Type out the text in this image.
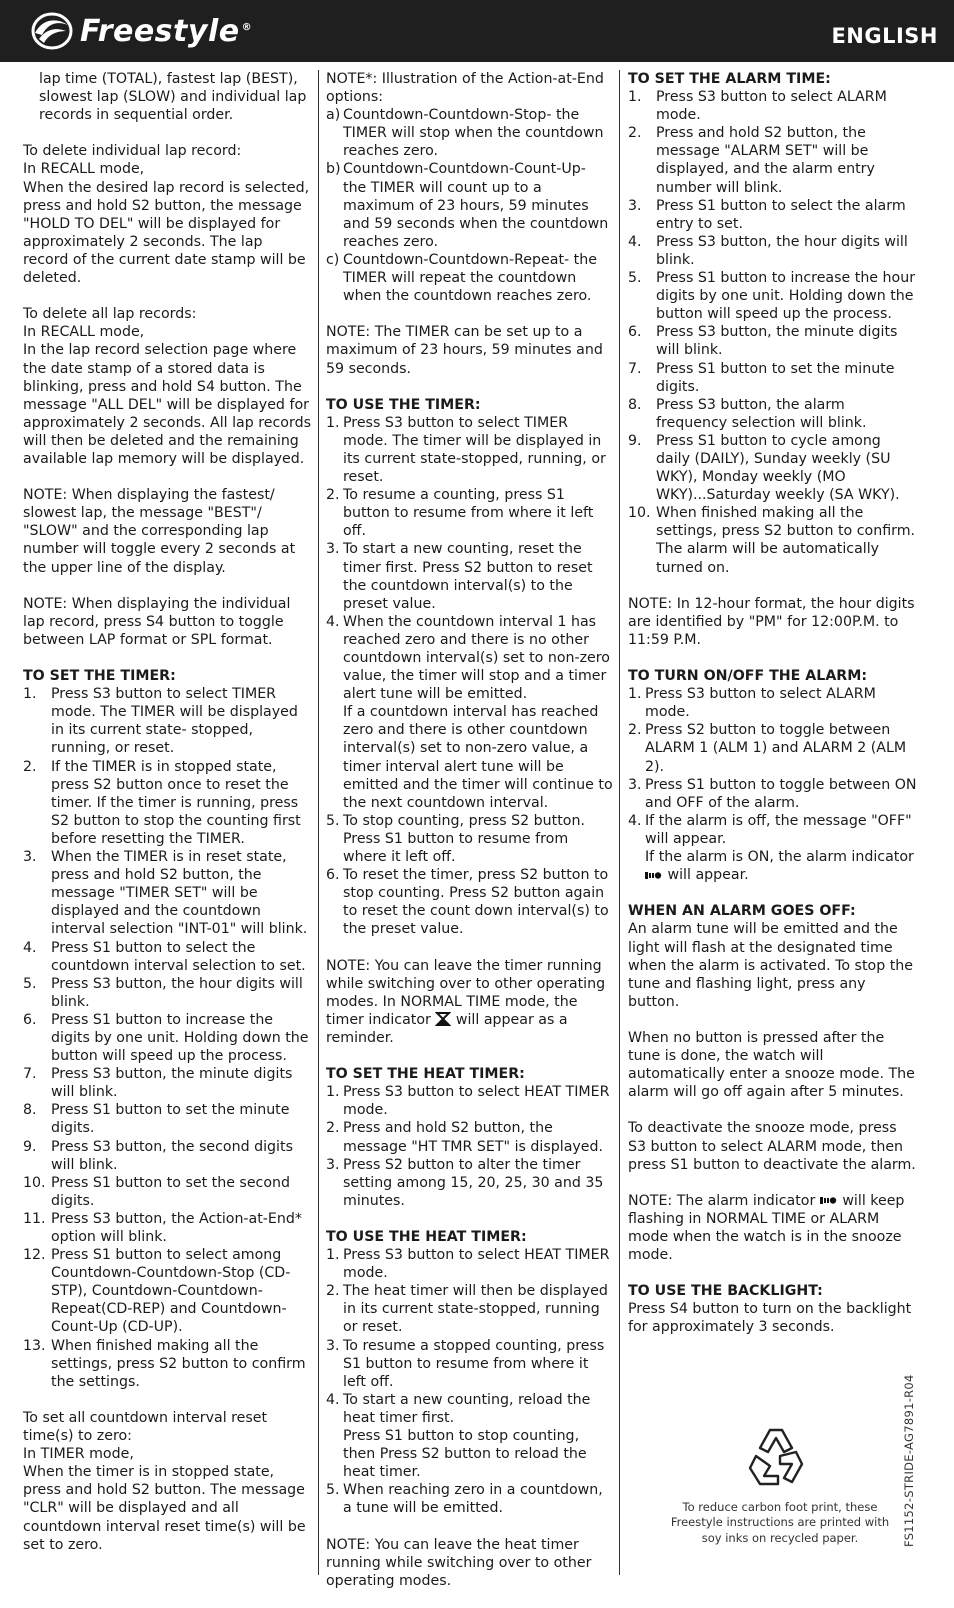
Freestyle ®	ENGLISH

lap time (TOTAL), fastest lap (BEST), slowest lap (SLOW) and individual lap records in sequential order.

To delete individual lap record:
In RECALL mode,
When the desired lap record is selected, press and hold S2 button, the message "HOLD TO DEL" will be displayed for approximately 2 seconds. The lap record of the current date stamp will be deleted.

To delete all lap records:
In RECALL mode,
In the lap record selection page where the date stamp of a stored data is blinking, press and hold S4 button. The message "ALL DEL" will be displayed for approximately 2 seconds. All lap records will then be deleted and the remaining available lap memory will be displayed.

NOTE: When displaying the fastest/ slowest lap, the message "BEST"/ "SLOW" and the corresponding lap number will toggle every 2 seconds at the upper line of the display.

NOTE: When displaying the individual lap record, press S4 button to toggle between LAP format or SPL format.

TO SET THE TIMER:
1.	Press S3 button to select TIMER mode. The TIMER will be displayed in its current state- stopped, running, or reset.
2.	If the TIMER is in stopped state, press S2 button once to reset the timer. If the timer is running, press S2 button to stop the counting first before resetting the TIMER.
3.	When the TIMER is in reset state, press and hold S2 button, the message "TIMER SET" will be displayed and the countdown interval selection "INT-01" will blink.
4.	Press S1 button to select the countdown interval selection to set.
5.	Press S3 button, the hour digits will blink.
6.	Press S1 button to increase the digits by one unit. Holding down the button will speed up the process.
7.	Press S3 button, the minute digits will blink.
8.	Press S1 button to set the minute digits.
9.	Press S3 button, the second digits will blink.
10. Press S1 button to set the second digits.
11. Press S3 button, the Action-at-End* option will blink.
12. Press S1 button to select among Countdown-Countdown-Stop (CD-STP), Countdown-Countdown-Repeat(CD-REP) and Countdown-Count-Up (CD-UP).
13. When finished making all the settings, press S2 button to confirm the settings.

To set all countdown interval reset time(s) to zero:
In TIMER mode,
When the timer is in stopped state, press and hold S2 button. The message "CLR" will be displayed and all countdown interval reset time(s) will be set to zero.

NOTE*: Illustration of the Action-at-End options:

a) Countdown-Countdown-Stop- the TIMER will stop when the countdown reaches zero.
b) Countdown-Countdown-Count-Up- the TIMER will count up to a maximum of 23 hours, 59 minutes and 59 seconds when the countdown reaches zero.
c) Countdown-Countdown-Repeat- the TIMER will repeat the countdown when the countdown reaches zero.

NOTE: The TIMER can be set up to a maximum of 23 hours, 59 minutes and 59 seconds.

TO USE THE TIMER:
1. Press S3 button to select TIMER mode. The timer will be displayed in its current state-stopped, running, or reset.
2. To resume a counting, press S1 button to resume from where it left off.
3. To start a new counting, reset the timer first. Press S2 button to reset the countdown interval(s) to the preset value.
4. When the countdown interval 1 has reached zero and there is no other countdown interval(s) set to non-zero value, the timer will stop and a timer alert tune will be emitted.
If a countdown interval has reached zero and there is other countdown interval(s) set to non-zero value, a timer interval alert tune will be emitted and the timer will continue to the next countdown interval.
5. To stop counting, press S2 button. Press S1 button to resume from where it left off.
6. To reset the timer, press S2 button to stop counting. Press S2 button again to reset the count down interval(s) to the preset value.

NOTE: You can leave the timer running while switching over to other operating modes. In NORMAL TIME mode, the timer indicator will appear as a reminder.

TO SET THE HEAT TIMER:
1. Press S3 button to select HEAT TIMER mode.
2. Press and hold S2 button, the message "HT TMR SET" is displayed.
3. Press S2 button to alter the timer setting among 15, 20, 25, 30 and 35 minutes.
TO USE THE HEAT TIMER:
1. Press S3 button to select HEAT TIMER mode.
2. The heat timer will then be displayed in its current state-stopped, running or reset.
3. To resume a stopped counting, press S1 button to resume from where it left off.
4. To start a new counting, reload the heat timer first.
Press S1 button to stop counting, then Press S2 button to reload the heat timer.
5. When reaching zero in a countdown, a tune will be emitted.

NOTE: You can leave the heat timer running while switching over to other operating modes.

TO SET THE ALARM TIME:
1.	Press S3 button to select ALARM mode.
2.	Press and hold S2 button, the message "ALARM SET" will be displayed, and the alarm entry number will blink.
3.	Press S1 button to select the alarm entry to set.
4.	Press S3 button, the hour digits will blink.
5.	Press S1 button to increase the hour digits by one unit. Holding down the button will speed up the process.
6.	Press S3 button, the minute digits will blink.
7.	Press S1 button to set the minute digits.
8.	Press S3 button, the alarm frequency selection will blink.
9.	Press S1 button to cycle among daily (DAILY), Sunday weekly (SU WKY), Monday weekly (MO WKY)...Saturday weekly (SA WKY).
10. When finished making all the settings, press S2 button to confirm. The alarm will be automatically turned on.

NOTE: In 12-hour format, the hour digits are identified by "PM" for 12:00P.M. to 11:59 P.M.

TO TURN ON/OFF THE ALARM:
1. Press S3 button to select ALARM mode.
2. Press S2 button to toggle between ALARM 1 (ALM 1) and ALARM 2 (ALM 2).
3. Press S1 button to toggle between ON and OFF of the alarm.
4. If the alarm is off, the message "OFF" will appear.

If the alarm is ON, the alarm indicator
will appear.

WHEN AN ALARM GOES OFF:

An alarm tune will be emitted and the light will flash at the designated time when the alarm is activated. To stop the tune and flashing light, press any button.

When no button is pressed after the tune is done, the watch will automatically enter a snooze mode. The alarm will go off again after 5 minutes.

To deactivate the snooze mode, press S3 button to select ALARM mode, then press S1 button to deactivate the alarm.

NOTE: The alarm indicator will keep flashing in NORMAL TIME or ALARM mode when the watch is in the snooze mode.

TO USE THE BACKLIGHT:

Press S4 button to turn on the backlight for approximately 3 seconds.

To reduce carbon foot print, these
Freestyle instructions are printed with
soy inks on recycled paper.	FS1152-STRIDE-AG7891-R04
